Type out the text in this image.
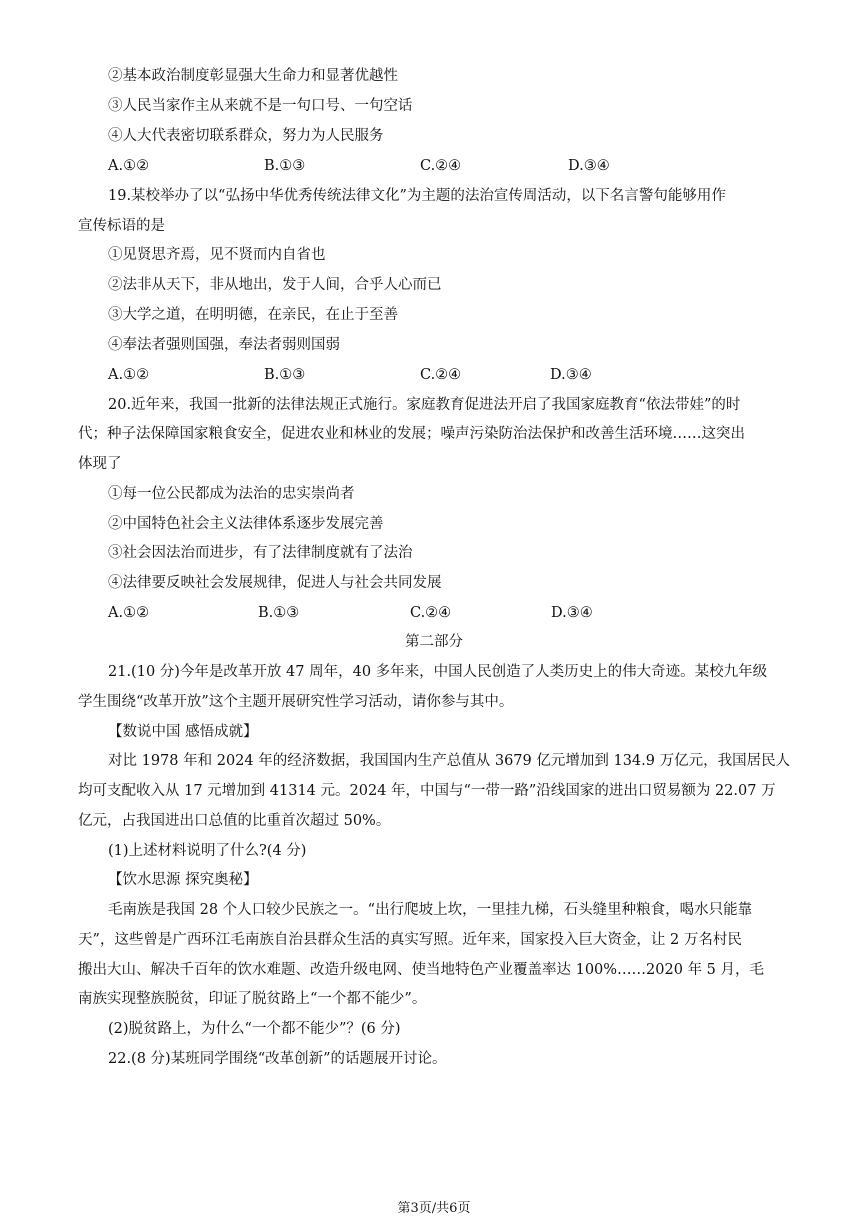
②基本政治制度彰显强大生命力和显著优越性
③人民当家作主从来就不是一句口号、一句空话
④人大代表密切联系群众，努力为人民服务
A.①②	B.①③	C.②④	D.③④
19.某校举办了以“弘扬中华优秀传统法律文化”为主题的法治宣传周活动，以下名言警句能够用作
宣传标语的是
①见贤思齐焉，见不贤而内自省也
②法非从天下，非从地出，发于人间，合乎人心而已
③大学之道，在明明德，在亲民，在止于至善
④奉法者强则国强，奉法者弱则国弱
A.①②	B.①③	C.②④	D.③④
20.近年来，我国一批新的法律法规正式施行。家庭教育促进法开启了我国家庭教育“依法带娃”的时
代；种子法保障国家粮食安全，促进农业和林业的发展；噪声污染防治法保护和改善生活环境……这突出
体现了
①每一位公民都成为法治的忠实崇尚者
②中国特色社会主义法律体系逐步发展完善
③社会因法治而进步，有了法律制度就有了法治
④法律要反映社会发展规律，促进人与社会共同发展
A.①②	B.①③	C.②④	D.③④
第二部分
21.(10 分)今年是改革开放 47 周年，40 多年来，中国人民创造了人类历史上的伟大奇迹。某校九年级
学生围绕“改革开放”这个主题开展研究性学习活动，请你参与其中。
【数说中国 感悟成就】
对比 1978 年和 2024 年的经济数据，我国国内生产总值从 3679 亿元增加到 134.9 万亿元，我国居民人
均可支配收入从 17 元增加到 41314 元。2024 年，中国与“一带一路”沿线国家的进出口贸易额为 22.07 万
亿元，占我国进出口总值的比重首次超过 50%。
(1)上述材料说明了什么?(4 分)
【饮水思源 探究奥秘】
毛南族是我国 28 个人口较少民族之一。“出行爬坡上坎，一里挂九梯，石头缝里种粮食，喝水只能靠
天”，这些曾是广西环江毛南族自治县群众生活的真实写照。近年来，国家投入巨大资金，让 2 万名村民
搬出大山、解决千百年的饮水难题、改造升级电网、使当地特色产业覆盖率达 100%……2020 年 5 月，毛
南族实现整族脱贫，印证了脱贫路上“一个都不能少”。
(2)脱贫路上，为什么“一个都不能少”？(6 分)
22.(8 分)某班同学围绕“改革创新”的话题展开讨论。
第3页/共6页
